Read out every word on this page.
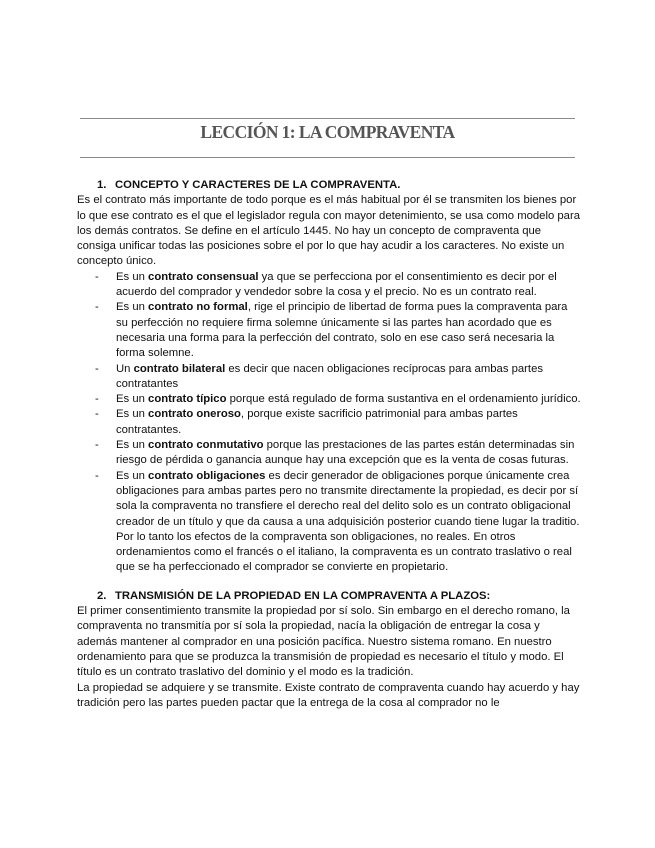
LECCIÓN 1: LA COMPRAVENTA
1. CONCEPTO Y CARACTERES DE LA COMPRAVENTA.
Es el contrato más importante de todo porque es el más habitual por él se transmiten los bienes por lo que ese contrato es el que el legislador regula con mayor detenimiento, se usa como modelo para los demás contratos. Se define en el artículo 1445. No hay un concepto de compraventa que consiga unificar todas las posiciones sobre el por lo que hay acudir a los caracteres. No existe un concepto único.
- Es un contrato consensual ya que se perfecciona por el consentimiento es decir por el acuerdo del comprador y vendedor sobre la cosa y el precio. No es un contrato real.
- Es un contrato no formal, rige el principio de libertad de forma pues la compraventa para su perfección no requiere firma solemne únicamente si las partes han acordado que es necesaria una forma para la perfección del contrato, solo en ese caso será necesaria la forma solemne.
- Un contrato bilateral es decir que nacen obligaciones recíprocas para ambas partes contratantes
- Es un contrato típico porque está regulado de forma sustantiva en el ordenamiento jurídico.
- Es un contrato oneroso, porque existe sacrificio patrimonial para ambas partes contratantes.
- Es un contrato conmutativo porque las prestaciones de las partes están determinadas sin riesgo de pérdida o ganancia aunque hay una excepción que es la venta de cosas futuras.
- Es un contrato obligaciones es decir generador de obligaciones porque únicamente crea obligaciones para ambas partes pero no transmite directamente la propiedad, es decir por sí sola la compraventa no transfiere el derecho real del delito solo es un contrato obligacional creador de un título y que da causa a una adquisición posterior cuando tiene lugar la traditio. Por lo tanto los efectos de la compraventa son obligaciones, no reales. En otros ordenamientos como el francés o el italiano, la compraventa es un contrato traslativo o real que se ha perfeccionado el comprador se convierte en propietario.
2. TRANSMISIÓN DE LA PROPIEDAD EN LA COMPRAVENTA A PLAZOS:
El primer consentimiento transmite la propiedad por sí solo. Sin embargo en el derecho romano, la compraventa no transmitía por sí sola la propiedad, nacía la obligación de entregar la cosa y además mantener al comprador en una posición pacífica. Nuestro sistema romano. En nuestro ordenamiento para que se produzca la transmisión de propiedad es necesario el título y modo. El título es un contrato traslativo del dominio y el modo es la tradición.
La propiedad se adquiere y se transmite. Existe contrato de compraventa cuando hay acuerdo y hay tradición pero las partes pueden pactar que la entrega de la cosa al comprador no le
